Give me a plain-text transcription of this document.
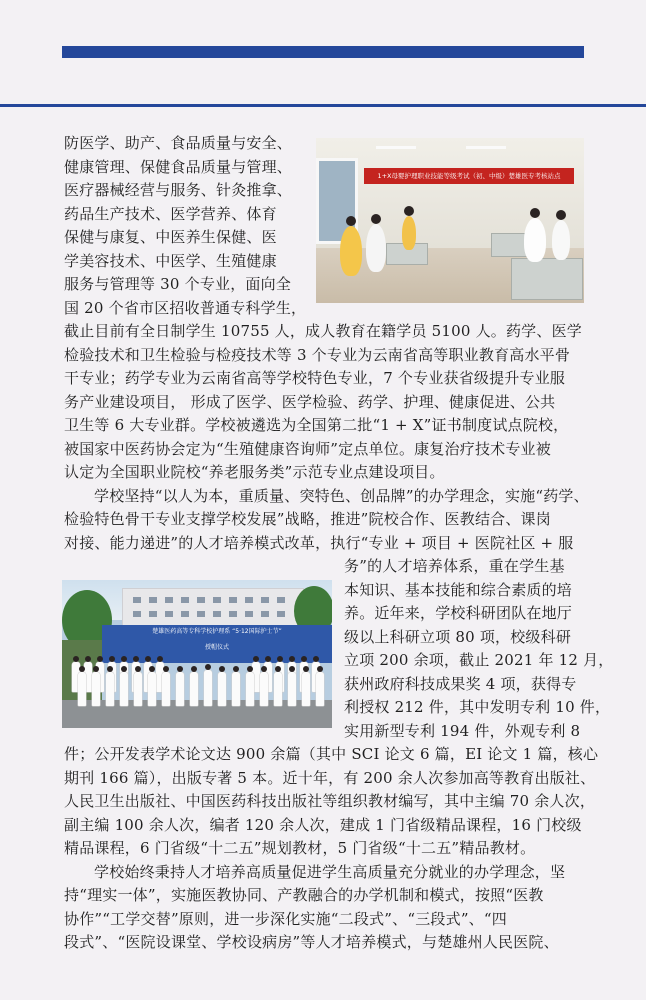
1+X母婴护理职业技能等级考试（初、中级）楚雄医专考核站点
楚雄医药高等专科学校护理系 “5·12国际护士节”
授帽仪式
防医学、助产、食品质量与安全、
健康管理、保健食品质量与管理、
医疗器械经营与服务、针灸推拿、
药品生产技术、医学营养、体育
保健与康复、中医养生保健、医
学美容技术、中医学、生殖健康
服务与管理等 30 个专业，面向全
国 20 个省市区招收普通专科学生，
截止目前有全日制学生 10755 人，成人教育在籍学员 5100 人。药学、医学
检验技术和卫生检验与检疫技术等 3 个专业为云南省高等职业教育高水平骨
干专业；药学专业为云南省高等学校特色专业，7 个专业获省级提升专业服
务产业建设项目， 形成了医学、医学检验、药学、护理、健康促进、公共
卫生等 6 大专业群。学校被遴选为全国第二批“1 + X”证书制度试点院校，
被国家中医药协会定为“生殖健康咨询师”定点单位。康复治疗技术专业被
认定为全国职业院校“养老服务类”示范专业点建设项目。
学校坚持“以人为本，重质量、突特色、创品牌”的办学理念，实施“药学、
检验特色骨干专业支撑学校发展”战略，推进”院校合作、医教结合、课岗
对接、能力递进”的人才培养模式改革，执行“专业 + 项目 + 医院社区 + 服
务”的人才培养体系，重在学生基
本知识、基本技能和综合素质的培
养。近年来，学校科研团队在地厅
级以上科研立项 80 项，校级科研
立项 200 余项，截止 2021 年 12 月，
获州政府科技成果奖 4 项，获得专
利授权 212 件，其中发明专利 10 件，
实用新型专利 194 件，外观专利 8
件；公开发表学术论文达 900 余篇（其中 SCI 论文 6 篇，EI 论文 1 篇，核心
期刊 166 篇），出版专著 5 本。近十年，有 200 余人次参加高等教育出版社、
人民卫生出版社、中国医药科技出版社等组织教材编写，其中主编 70 余人次，
副主编 100 余人次，编者 120 余人次，建成 1 门省级精品课程，16 门校级
精品课程，6 门省级“十二五”规划教材，5 门省级“十二五”精品教材。
学校始终秉持人才培养高质量促进学生高质量充分就业的办学理念，坚
持“理实一体”，实施医教协同、产教融合的办学机制和模式，按照“医教
协作”“工学交替”原则，进一步深化实施“二段式”、“三段式”、“四
段式”、“医院设课堂、学校设病房”等人才培养模式，与楚雄州人民医院、
